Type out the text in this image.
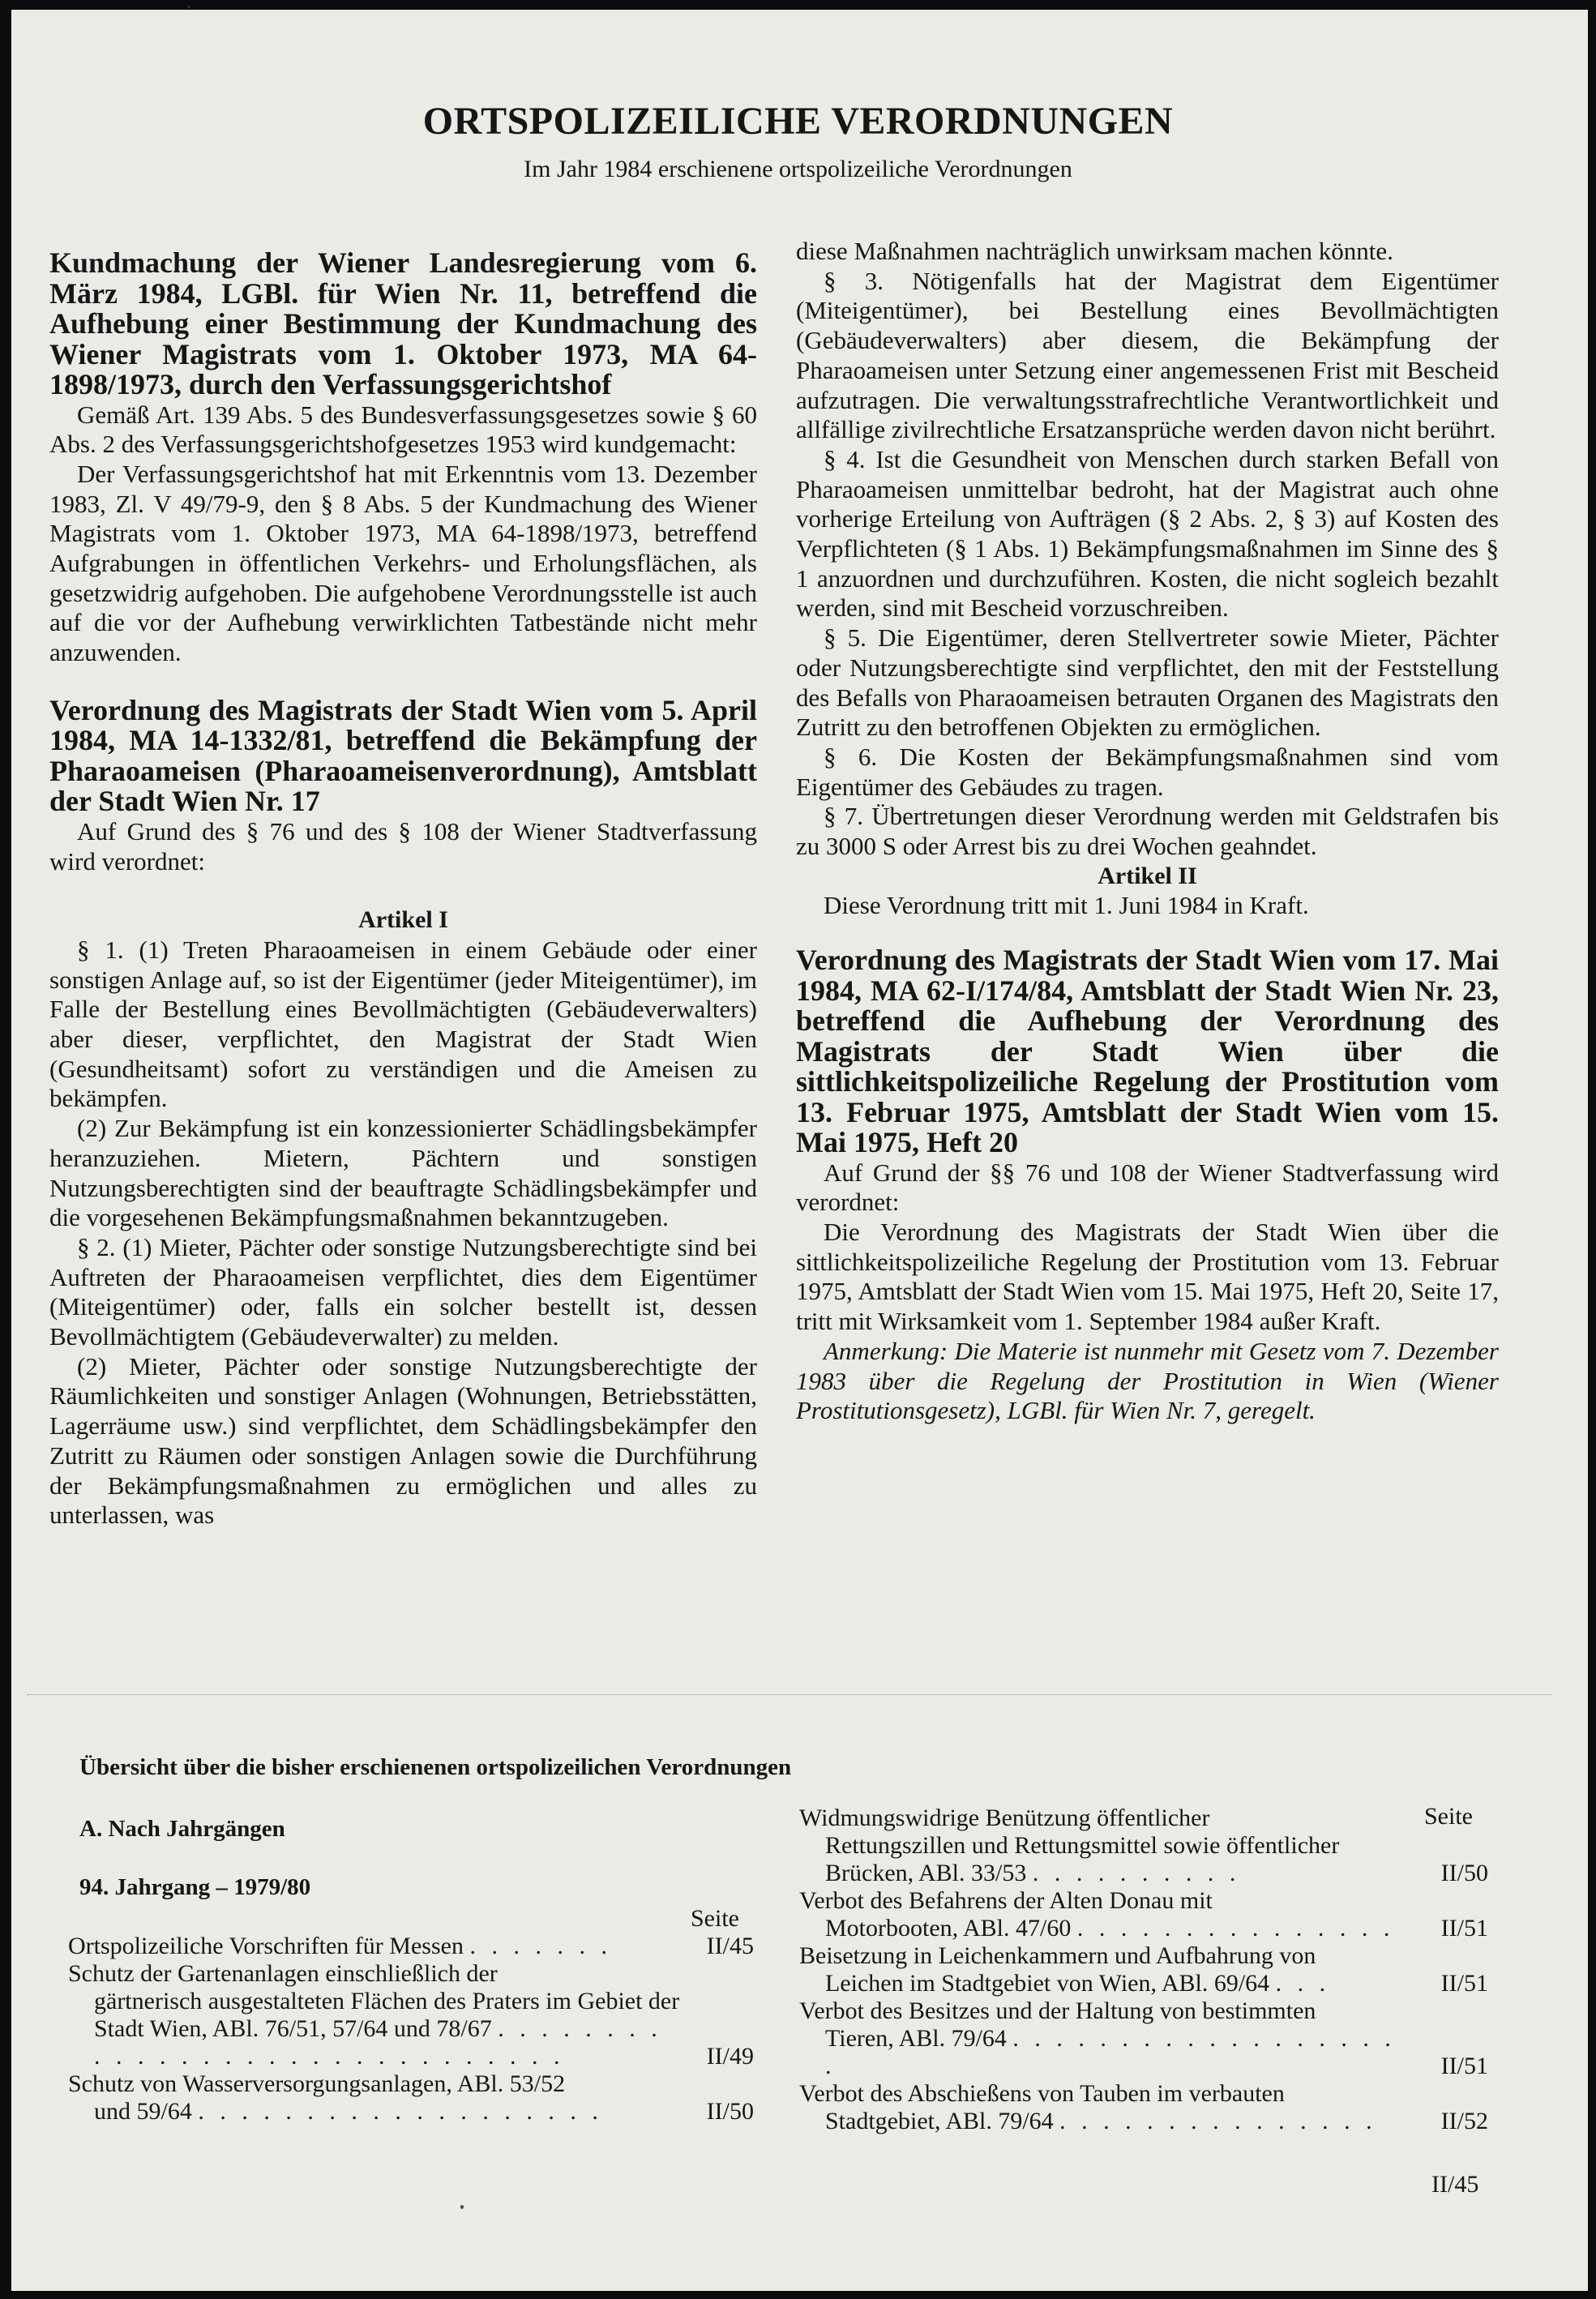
ORTSPOLIZEILICHE VERORDNUNGEN
Im Jahr 1984 erschienene ortspolizeiliche Verordnungen
Kundmachung der Wiener Landesregierung vom 6. März 1984, LGBl. für Wien Nr. 11, betreffend die Aufhebung einer Bestimmung der Kundmachung des Wiener Magistrats vom 1. Oktober 1973, MA 64-1898/1973, durch den Verfassungsgerichtshof

Gemäß Art. 139 Abs. 5 des Bundesverfassungsgesetzes sowie § 60 Abs. 2 des Verfassungsgerichtshofgesetzes 1953 wird kundgemacht:

Der Verfassungsgerichtshof hat mit Erkenntnis vom 13. Dezember 1983, Zl. V 49/79-9, den § 8 Abs. 5 der Kundmachung des Wiener Magistrats vom 1. Oktober 1973, MA 64-1898/1973, betreffend Aufgrabungen in öffentlichen Verkehrs- und Erholungsflächen, als gesetzwidrig aufgehoben. Die aufgehobene Verordnungsstelle ist auch auf die vor der Aufhebung verwirklichten Tatbestände nicht mehr anzuwenden.

Verordnung des Magistrats der Stadt Wien vom 5. April 1984, MA 14-1332/81, betreffend die Bekämpfung der Pharaoameisen (Pharaoameisenverordnung), Amtsblatt der Stadt Wien Nr. 17

Auf Grund des § 76 und des § 108 der Wiener Stadtverfassung wird verordnet:

Artikel I

§ 1. (1) Treten Pharaoameisen in einem Gebäude oder einer sonstigen Anlage auf, so ist der Eigentümer (jeder Miteigentümer), im Falle der Bestellung eines Bevollmächtigten (Gebäudeverwalters) aber dieser, verpflichtet, den Magistrat der Stadt Wien (Gesundheitsamt) sofort zu verständigen und die Ameisen zu bekämpfen.

(2) Zur Bekämpfung ist ein konzessionierter Schädlingsbekämpfer heranzuziehen. Mietern, Pächtern und sonstigen Nutzungsberechtigten sind der beauftragte Schädlingsbekämpfer und die vorgesehenen Bekämpfungsmaßnahmen bekanntzugeben.

§ 2. (1) Mieter, Pächter oder sonstige Nutzungsberechtigte sind bei Auftreten der Pharaoameisen verpflichtet, dies dem Eigentümer (Miteigentümer) oder, falls ein solcher bestellt ist, dessen Bevollmächtigtem (Gebäudeverwalter) zu melden.

(2) Mieter, Pächter oder sonstige Nutzungsberechtigte der Räumlichkeiten und sonstiger Anlagen (Wohnungen, Betriebsstätten, Lagerräume usw.) sind verpflichtet, dem Schädlingsbekämpfer den Zutritt zu Räumen oder sonstigen Anlagen sowie die Durchführung der Bekämpfungsmaßnahmen zu ermöglichen und alles zu unterlassen, was

diese Maßnahmen nachträglich unwirksam machen könnte.

§ 3. Nötigenfalls hat der Magistrat dem Eigentümer (Miteigentümer), bei Bestellung eines Bevollmächtigten (Gebäudeverwalters) aber diesem, die Bekämpfung der Pharaoameisen unter Setzung einer angemessenen Frist mit Bescheid aufzutragen. Die verwaltungsstrafrechtliche Verantwortlichkeit und allfällige zivilrechtliche Ersatzansprüche werden davon nicht berührt.

§ 4. Ist die Gesundheit von Menschen durch starken Befall von Pharaoameisen unmittelbar bedroht, hat der Magistrat auch ohne vorherige Erteilung von Aufträgen (§ 2 Abs. 2, § 3) auf Kosten des Verpflichteten (§ 1 Abs. 1) Bekämpfungsmaßnahmen im Sinne des § 1 anzuordnen und durchzuführen. Kosten, die nicht sogleich bezahlt werden, sind mit Bescheid vorzuschreiben.

§ 5. Die Eigentümer, deren Stellvertreter sowie Mieter, Pächter oder Nutzungsberechtigte sind verpflichtet, den mit der Feststellung des Befalls von Pharaoameisen betrauten Organen des Magistrats den Zutritt zu den betroffenen Objekten zu ermöglichen.

§ 6. Die Kosten der Bekämpfungsmaßnahmen sind vom Eigentümer des Gebäudes zu tragen.

§ 7. Übertretungen dieser Verordnung werden mit Geldstrafen bis zu 3000 S oder Arrest bis zu drei Wochen geahndet.

Artikel II

Diese Verordnung tritt mit 1. Juni 1984 in Kraft.

Verordnung des Magistrats der Stadt Wien vom 17. Mai 1984, MA 62-I/174/84, Amtsblatt der Stadt Wien Nr. 23, betreffend die Aufhebung der Verordnung des Magistrats der Stadt Wien über die sittlichkeitspolizeiliche Regelung der Prostitution vom 13. Februar 1975, Amtsblatt der Stadt Wien vom 15. Mai 1975, Heft 20

Auf Grund der §§ 76 und 108 der Wiener Stadtverfassung wird verordnet:

Die Verordnung des Magistrats der Stadt Wien über die sittlichkeitspolizeiliche Regelung der Prostitution vom 13. Februar 1975, Amtsblatt der Stadt Wien vom 15. Mai 1975, Heft 20, Seite 17, tritt mit Wirksamkeit vom 1. September 1984 außer Kraft.

Anmerkung: Die Materie ist nunmehr mit Gesetz vom 7. Dezember 1983 über die Regelung der Prostitution in Wien (Wiener Prostitutionsgesetz), LGBl. für Wien Nr. 7, geregelt.

Übersicht über die bisher erschienenen ortspolizeilichen Verordnungen
A. Nach Jahrgängen
94. Jahrgang – 1979/80
Seite
Ortspolizeiliche Vorschriften für Messen . . . . . . .	II/45
Schutz der Gartenanlagen einschließlich der
gärtnerisch ausgestalteten Flächen des Praters im Gebiet der Stadt Wien, ABl. 76/51, 57/64 und 78/67 . . . . . . . . . . . . . . . . . . . . . . . . . . . . . .	II/49
Schutz von Wasserversorgungsanlagen, ABl. 53/52
und 59/64 . . . . . . . . . . . . . . . . . . .	II/50
Seite
Widmungswidrige Benützung öffentlicher
Rettungszillen und Rettungsmittel sowie öffentlicher Brücken, ABl. 33/53 . . . . . . . . . .	II/50
Verbot des Befahrens der Alten Donau mit
Motorbooten, ABl. 47/60 . . . . . . . . . . . . . . .	II/51
Beisetzung in Leichenkammern und Aufbahrung von
Leichen im Stadtgebiet von Wien, ABl. 69/64 . . .	II/51
Verbot des Besitzes und der Haltung von bestimmten
Tieren, ABl. 79/64 . . . . . . . . . . . . . . . . . . .	II/51
Verbot des Abschießens von Tauben im verbauten
Stadtgebiet, ABl. 79/64 . . . . . . . . . . . . . . .	II/52
II/45
